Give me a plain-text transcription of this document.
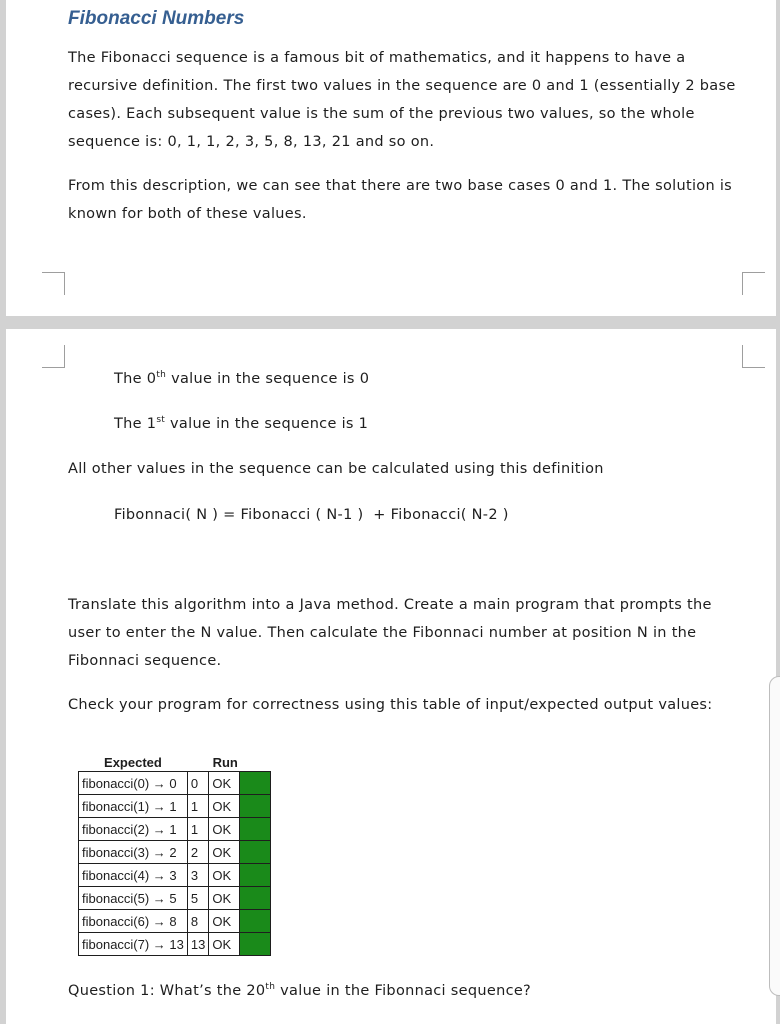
Fibonacci Numbers
The Fibonacci sequence is a famous bit of mathematics, and it happens to have a recursive definition. The first two values in the sequence are 0 and 1 (essentially 2 base cases). Each subsequent value is the sum of the previous two values, so the whole sequence is: 0, 1, 1, 2, 3, 5, 8, 13, 21 and so on.
From this description, we can see that there are two base cases 0 and 1. The solution is known for both of these values.
The 0th value in the sequence is 0
The 1st value in the sequence is 1
All other values in the sequence can be calculated using this definition
Fibonnaci( N ) = Fibonacci ( N-1 )  + Fibonacci( N-2 )
Translate this algorithm into a Java method. Create a main program that prompts the user to enter the N value. Then calculate the Fibonnaci number at position N in the Fibonnaci sequence.
Check your program for correctness using this table of input/expected output values:
Expected	Run		
fibonacci(0) → 0	0	OK	
fibonacci(1) → 1	1	OK	
fibonacci(2) → 1	1	OK	
fibonacci(3) → 2	2	OK	
fibonacci(4) → 3	3	OK	
fibonacci(5) → 5	5	OK	
fibonacci(6) → 8	8	OK	
fibonacci(7) → 13	13	OK	
Question 1: What’s the 20th value in the Fibonnaci sequence?
